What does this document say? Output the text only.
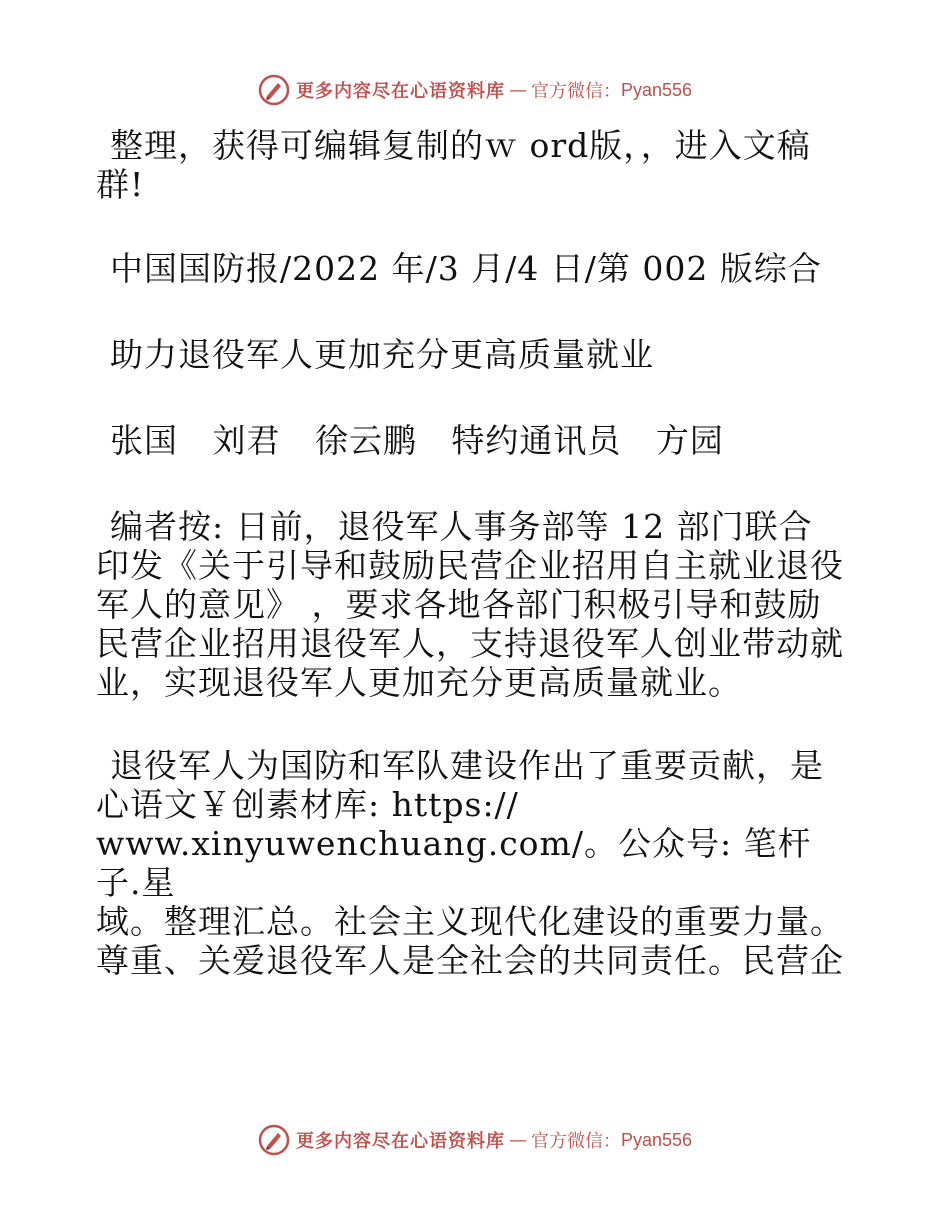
更多内容尽在心语资料库 — 官方微信： Pyan556

整理，获得可编辑复制的ｗ ord版，，进入文稿
群!

中国国防报/2022 年/3 月/4 日/第 002 版综合

助力退役军人更加充分更高质量就业

张国   刘君   徐云鹏   特约通讯员   方园

编者按: 日前，退役军人事务部等 12 部门联合
印发《关于引导和鼓励民营企业招用自主就业退役
军人的意见》 ，要求各地各部门积极引导和鼓励
民营企业招用退役军人，支持退役军人创业带动就
业，实现退役军人更加充分更高质量就业。

退役军人为国防和军队建设作出了重要贡献，是
心语文￥创素材库: https://
www.xinyuwenchuang.com/。公众号: 笔杆子.星
域。整理汇总。社会主义现代化建设的重要力量。
尊重、关爱退役军人是全社会的共同责任。民营企

更多内容尽在心语资料库 — 官方微信： Pyan556
